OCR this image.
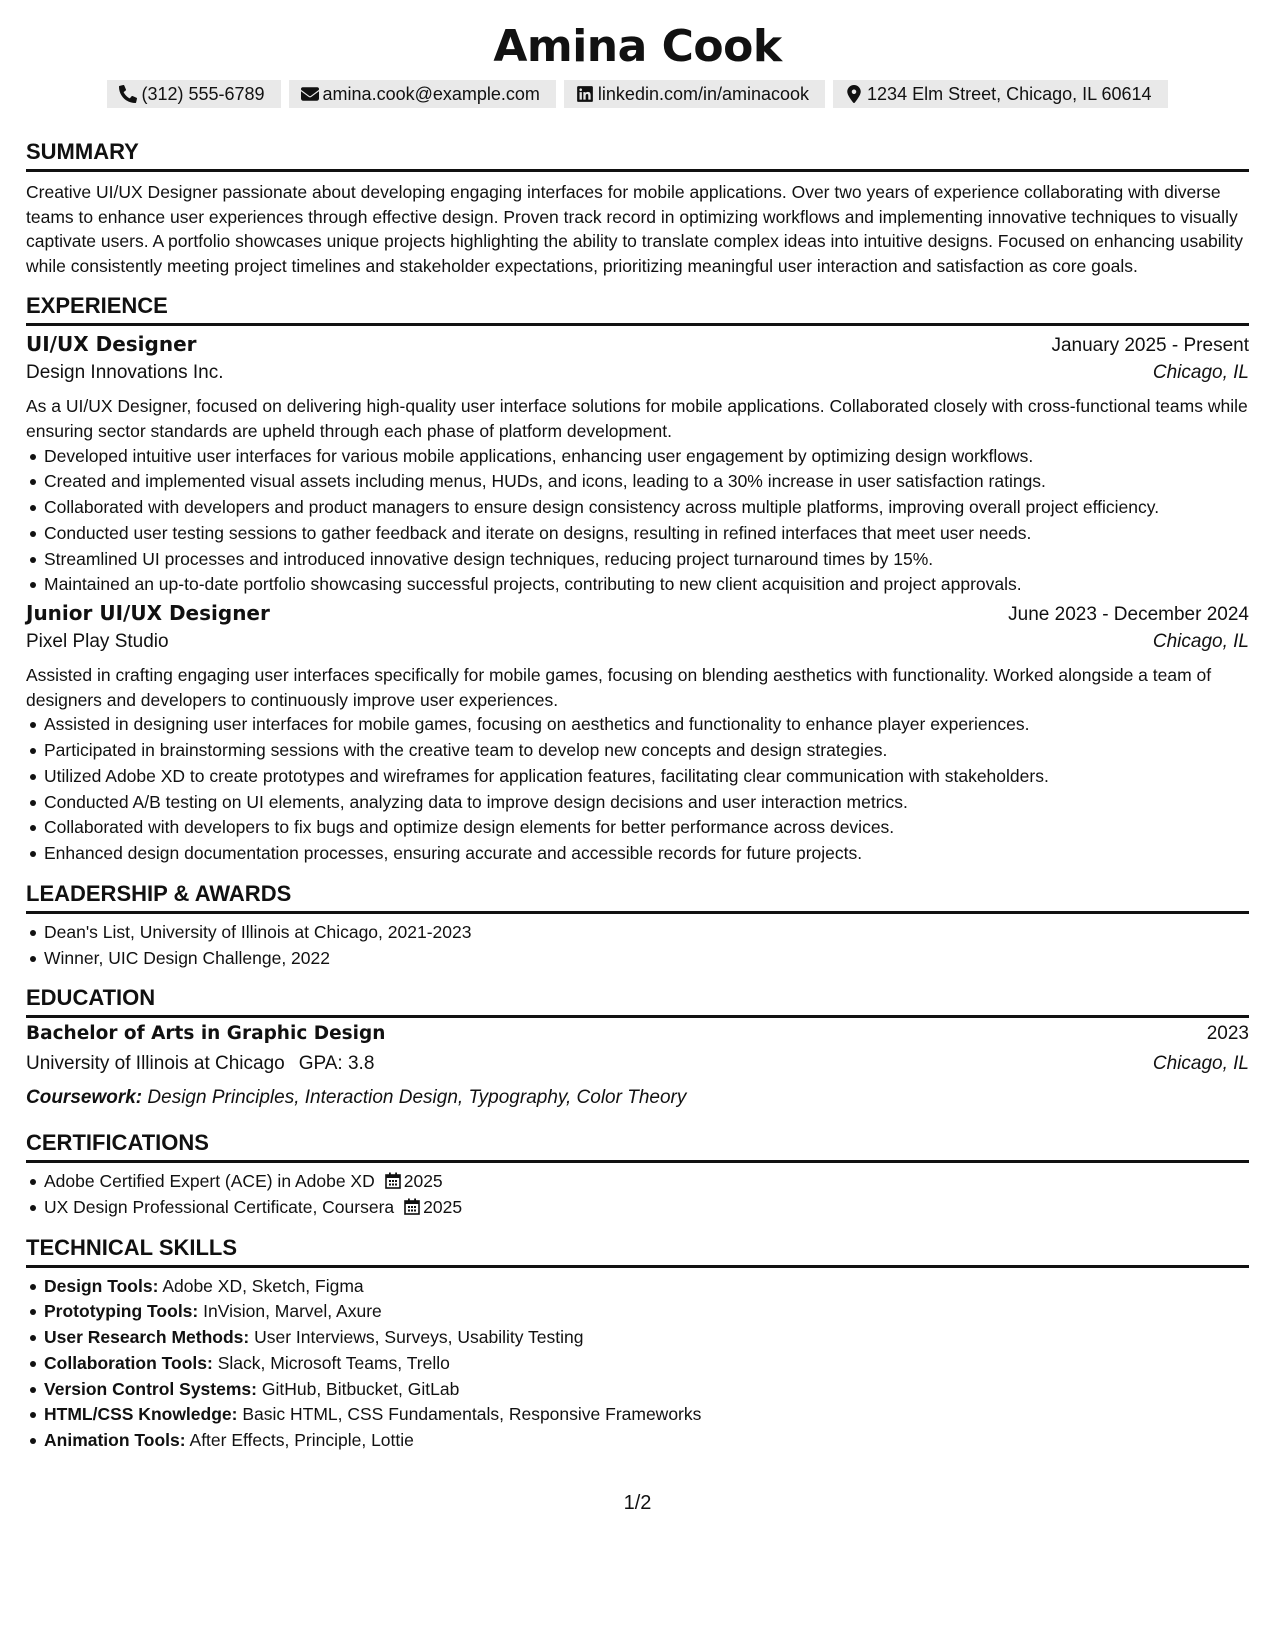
Amina Cook
(312) 555-6789	amina.cook@example.com	linkedin.com/in/aminacook	1234 Elm Street, Chicago, IL 60614
SUMMARY

Creative UI/UX Designer passionate about developing engaging interfaces for mobile applications. Over two years of experience collaborating with diverse teams to enhance user experiences through effective design. Proven track record in optimizing workflows and implementing innovative techniques to visually captivate users. A portfolio showcases unique projects highlighting the ability to translate complex ideas into intuitive designs. Focused on enhancing usability while consistently meeting project timelines and stakeholder expectations, prioritizing meaningful user interaction and satisfaction as core goals.

EXPERIENCE
UI/UX Designer	January 2025 - Present
Design Innovations Inc.	Chicago, IL

As a UI/UX Designer, focused on delivering high-quality user interface solutions for mobile applications. Collaborated closely with cross-functional teams while ensuring sector standards are upheld through each phase of platform development.

Developed intuitive user interfaces for various mobile applications, enhancing user engagement by optimizing design workflows.
Created and implemented visual assets including menus, HUDs, and icons, leading to a 30% increase in user satisfaction ratings.
Collaborated with developers and product managers to ensure design consistency across multiple platforms, improving overall project efficiency.
Conducted user testing sessions to gather feedback and iterate on designs, resulting in refined interfaces that meet user needs.
Streamlined UI processes and introduced innovative design techniques, reducing project turnaround times by 15%.
Maintained an up-to-date portfolio showcasing successful projects, contributing to new client acquisition and project approvals.
Junior UI/UX Designer	June 2023 - December 2024
Pixel Play Studio	Chicago, IL

Assisted in crafting engaging user interfaces specifically for mobile games, focusing on blending aesthetics with functionality. Worked alongside a team of designers and developers to continuously improve user experiences.

Assisted in designing user interfaces for mobile games, focusing on aesthetics and functionality to enhance player experiences.
Participated in brainstorming sessions with the creative team to develop new concepts and design strategies.
Utilized Adobe XD to create prototypes and wireframes for application features, facilitating clear communication with stakeholders.
Conducted A/B testing on UI elements, analyzing data to improve design decisions and user interaction metrics.
Collaborated with developers to fix bugs and optimize design elements for better performance across devices.
Enhanced design documentation processes, ensuring accurate and accessible records for future projects.
LEADERSHIP & AWARDS
Dean's List, University of Illinois at Chicago, 2021-2023
Winner, UIC Design Challenge, 2022
EDUCATION
Bachelor of Arts in Graphic Design	2023
University of Illinois at Chicago GPA: 3.8	Chicago, IL
Coursework: Design Principles, Interaction Design, Typography, Color Theory
CERTIFICATIONS
Adobe Certified Expert (ACE) in Adobe XD 2025
UX Design Professional Certificate, Coursera 2025
TECHNICAL SKILLS
Design Tools: Adobe XD, Sketch, Figma
Prototyping Tools: InVision, Marvel, Axure
User Research Methods: User Interviews, Surveys, Usability Testing
Collaboration Tools: Slack, Microsoft Teams, Trello
Version Control Systems: GitHub, Bitbucket, GitLab
HTML/CSS Knowledge: Basic HTML, CSS Fundamentals, Responsive Frameworks
Animation Tools: After Effects, Principle, Lottie
1/2
